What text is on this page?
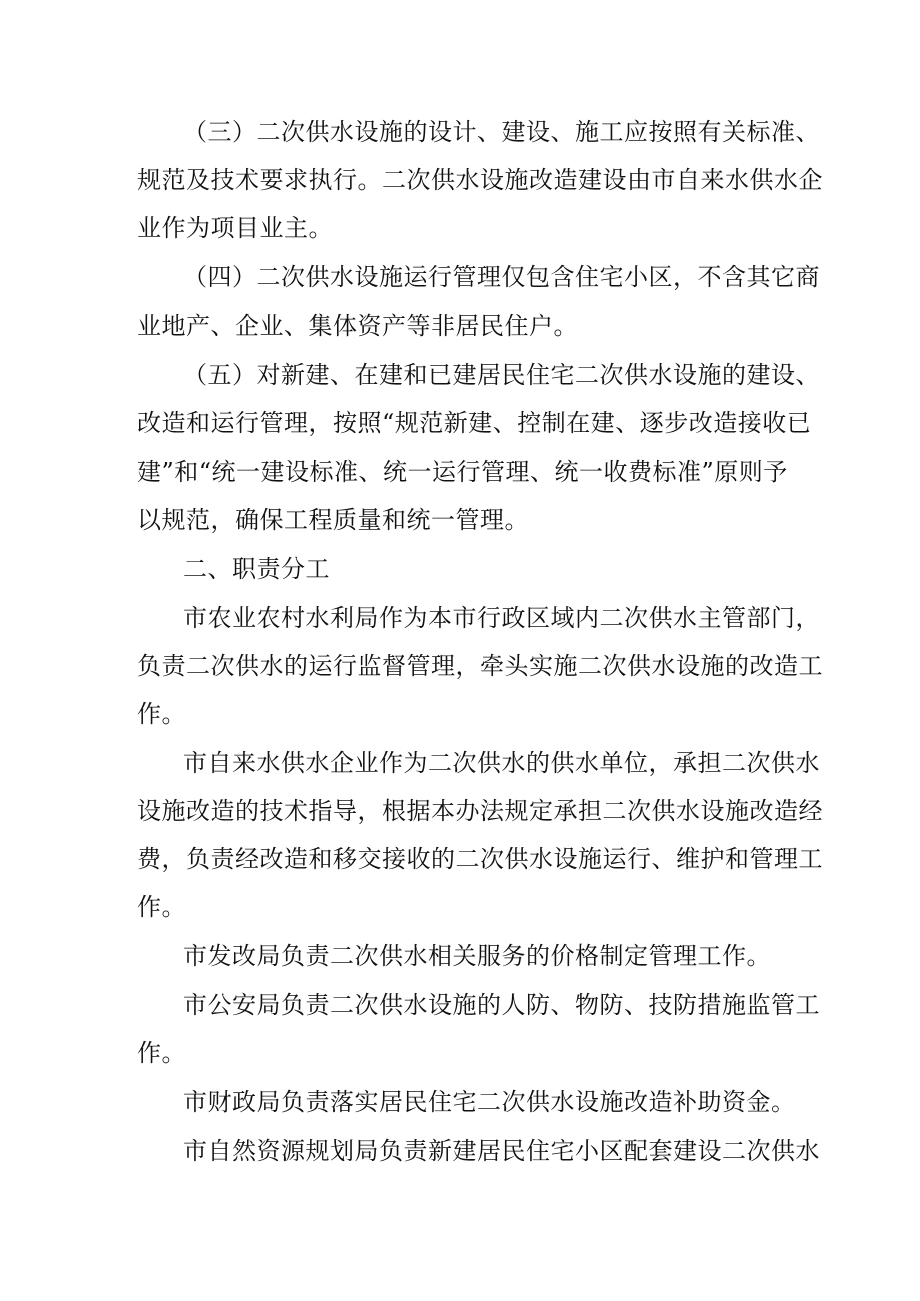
（三）二次供水设施的设计、建设、施工应按照有关标准、
规范及技术要求执行。二次供水设施改造建设由市自来水供水企
业作为项目业主。
（四）二次供水设施运行管理仅包含住宅小区，不含其它商
业地产、企业、集体资产等非居民住户。
（五）对新建、在建和已建居民住宅二次供水设施的建设、
改造和运行管理，按照“规范新建、控制在建、逐步改造接收已
建”和“统一建设标准、统一运行管理、统一收费标准”原则予
以规范，确保工程质量和统一管理。
二、职责分工
市农业农村水利局作为本市行政区域内二次供水主管部门，
负责二次供水的运行监督管理，牵头实施二次供水设施的改造工
作。
市自来水供水企业作为二次供水的供水单位，承担二次供水
设施改造的技术指导，根据本办法规定承担二次供水设施改造经
费，负责经改造和移交接收的二次供水设施运行、维护和管理工
作。
市发改局负责二次供水相关服务的价格制定管理工作。
市公安局负责二次供水设施的人防、物防、技防措施监管工
作。
市财政局负责落实居民住宅二次供水设施改造补助资金。
市自然资源规划局负责新建居民住宅小区配套建设二次供水
